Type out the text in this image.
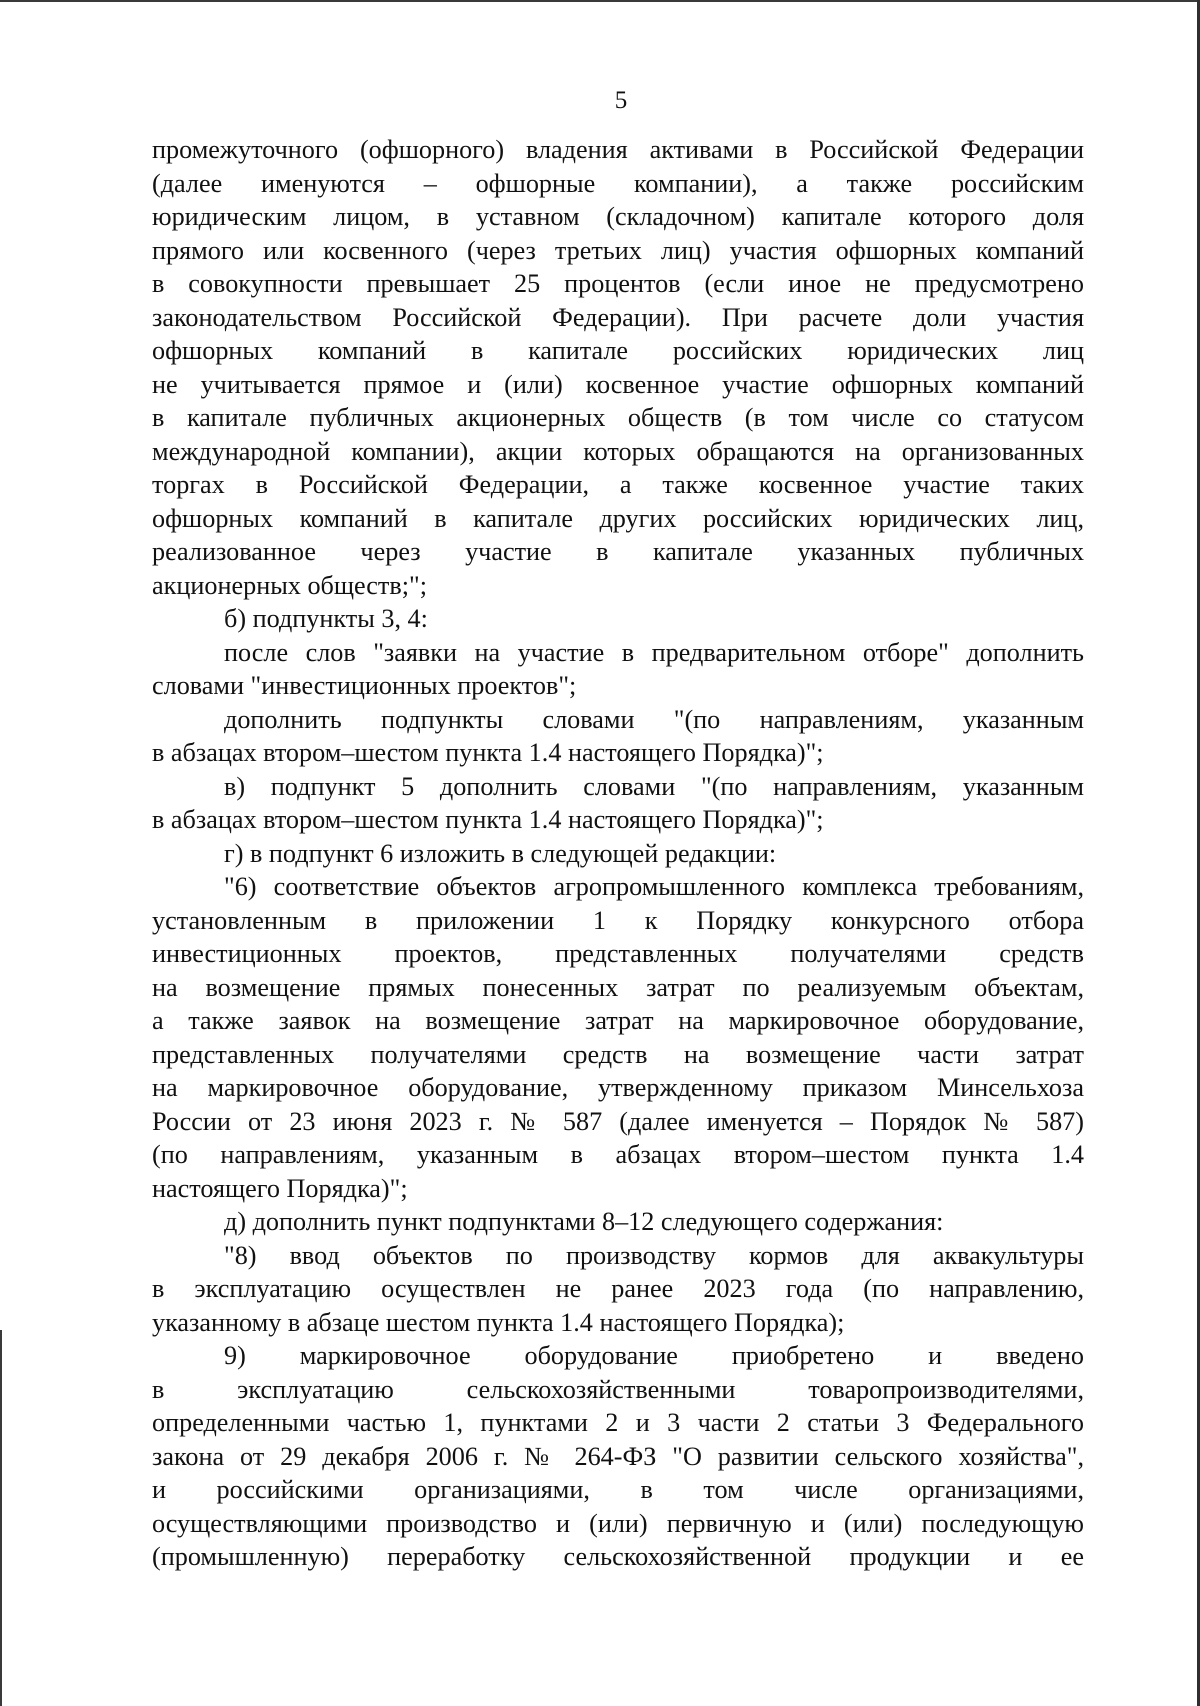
5
промежуточного (офшорного) владения активами в Российской Федерации
(далее именуются – офшорные компании), а также российским
юридическим лицом, в уставном (складочном) капитале которого доля
прямого или косвенного (через третьих лиц) участия офшорных компаний
в совокупности превышает 25 процентов (если иное не предусмотрено
законодательством Российской Федерации). При расчете доли участия
офшорных компаний в капитале российских юридических лиц
не учитывается прямое и (или) косвенное участие офшорных компаний
в капитале публичных акционерных обществ (в том числе со статусом
международной компании), акции которых обращаются на организованных
торгах в Российской Федерации, а также косвенное участие таких
офшорных компаний в капитале других российских юридических лиц,
реализованное через участие в капитале указанных публичных
акционерных обществ;";
б) подпункты 3, 4:
после слов "заявки на участие в предварительном отборе" дополнить
словами "инвестиционных проектов";
дополнить подпункты словами "(по направлениям, указанным
в абзацах втором–шестом пункта 1.4 настоящего Порядка)";
в) подпункт 5 дополнить словами "(по направлениям, указанным
в абзацах втором–шестом пункта 1.4 настоящего Порядка)";
г) в подпункт 6 изложить в следующей редакции:
"6) соответствие объектов агропромышленного комплекса требованиям,
установленным в приложении 1 к Порядку конкурсного отбора
инвестиционных проектов, представленных получателями средств
на возмещение прямых понесенных затрат по реализуемым объектам,
а также заявок на возмещение затрат на маркировочное оборудование,
представленных получателями средств на возмещение части затрат
на маркировочное оборудование, утвержденному приказом Минсельхоза
России от 23 июня 2023 г. № 587 (далее именуется – Порядок № 587)
(по направлениям, указанным в абзацах втором–шестом пункта 1.4
настоящего Порядка)";
д) дополнить пункт подпунктами 8–12 следующего содержания:
"8) ввод объектов по производству кормов для аквакультуры
в эксплуатацию осуществлен не ранее 2023 года (по направлению,
указанному в абзаце шестом пункта 1.4 настоящего Порядка);
9) маркировочное оборудование приобретено и введено
в эксплуатацию сельскохозяйственными товаропроизводителями,
определенными частью 1, пунктами 2 и 3 части 2 статьи 3 Федерального
закона от 29 декабря 2006 г. № 264-ФЗ "О развитии сельского хозяйства",
и российскими организациями, в том числе организациями,
осуществляющими производство и (или) первичную и (или) последующую
(промышленную) переработку сельскохозяйственной продукции и ее
